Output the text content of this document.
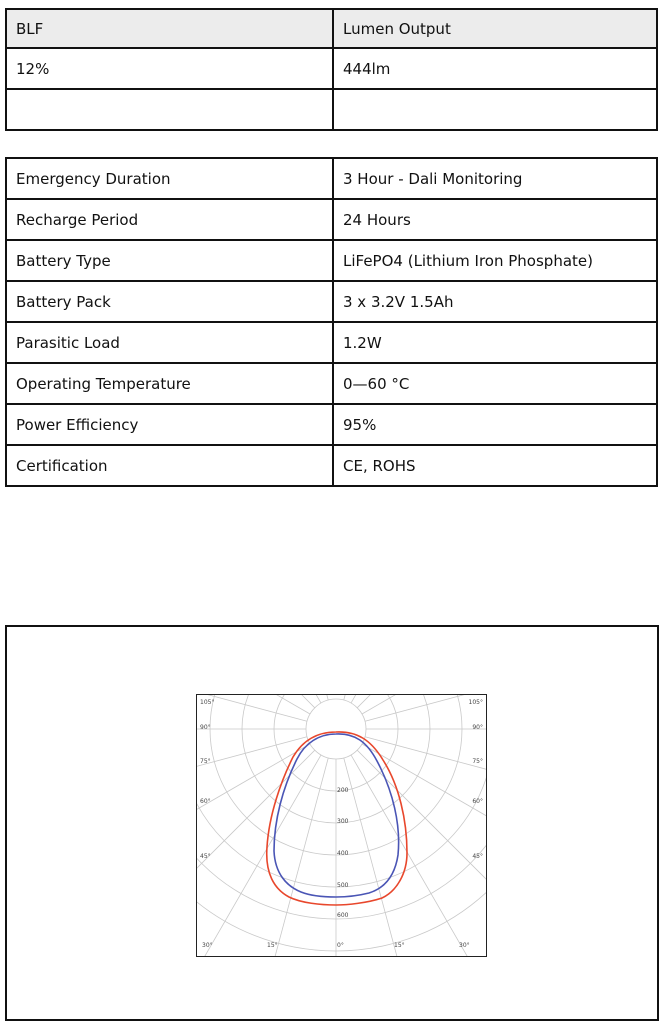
BLF	Lumen Output
12%	444lm

Emergency Duration	3 Hour - Dali Monitoring
Recharge Period	24 Hours
Battery Type	LiFePO4 (Lithium Iron Phosphate)
Battery Pack	3 x 3.2V 1.5Ah
Parasitic Load	1.2W
Operating Temperature	0—60 °C
Power Efficiency	95%
Certification	CE, ROHS
105°
90°
75°
60°
45°
105°
90°
75°
60°
45°
30°	15°	0°	15°	30°
200
300
400
500
600
